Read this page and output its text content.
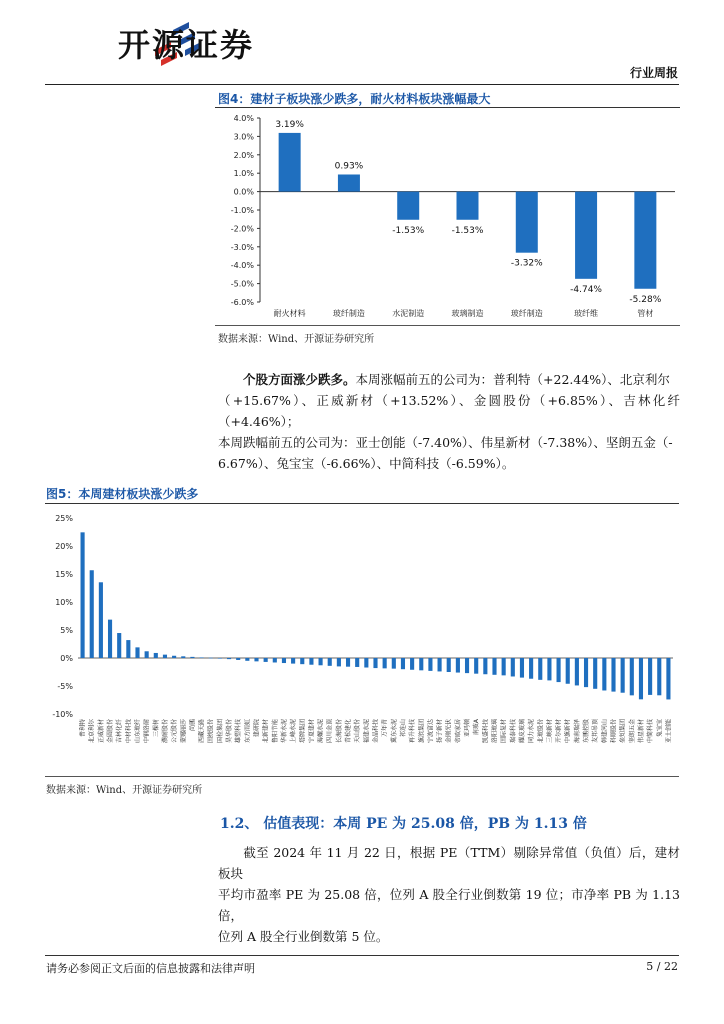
开源证券
行业周报
图4：建材子板块涨少跌多，耐火材料板块涨幅最大
4.0%
3.0%
2.0%
1.0%
0.0%
-1.0%
-2.0%
-3.0%
-4.0%
-5.0%
-6.0%
3.19%
耐火材料
0.93%
玻纤制造
-1.53%
水泥制造
-1.53%
玻璃制造
-3.32%
玻纤制造
-4.74%
玻纤维
-5.28%
管材
数据来源：Wind、开源证券研究所
个股方面涨少跌多。本周涨幅前五的公司为：普利特（+22.44%）、北京利尔
（+15.67%）、正威新材（+13.52%）、金圆股份（+6.85%）、吉林化纤（+4.46%）；
本周跌幅前五的公司为：亚士创能（-7.40%）、伟星新材（-7.38%）、坚朗五金（-
6.67%）、兔宝宝（-6.66%）、中简科技（-6.59%）。
图5：本周建材板块涨少跌多
25%
20%
15%
10%
5%
0%
-5%
-10%
普利特 北京利尔 正威新材 金圆股份 吉林化纤 中材科技 山东玻纤 中钢洛耐 三棵树 濮耐股份 公元股份 蒙娜丽莎 尚鹏 西藏天路 国统股份 国检集团 昊华股份 雄塑科技 东方雨虹 建研院 北新建材 鲁阳节能 华新水泥 上峰水泥 塔牌集团 宁夏建材 海螺水泥 四川金顶 长海股份 青松建化 天山股份 福建水泥 金晶科技 万年青 冀东水泥 祁连山 再升科技 旗滨集团 宁波富达 扬子新材 金刚光伏 帝欧家居 亚玛顿 南玻A 凯盛科技 洛阳玻璃 国际复材 瑞泰科技 耀皮玻璃 同力水泥 北玻股份 三峡新材 开尔新材 中旗新材 海南瑞泽 东鹏控股 友邦吊顶 韩建河山 科顺股份 垒知集团 坚朗五金 伟星新材 中简科技 兔宝宝 亚士创能
数据来源：Wind、开源证券研究所
1.2、 估值表现：本周 PE 为 25.08 倍，PB 为 1.13 倍
截至 2024 年 11 月 22 日，根据 PE（TTM）剔除异常值（负值）后，建材板块
平均市盈率 PE 为 25.08 倍，位列 A 股全行业倒数第 19 位；市净率 PB 为 1.13 倍，
位列 A 股全行业倒数第 5 位。
请务必参阅正文后面的信息披露和法律声明	5 / 22
